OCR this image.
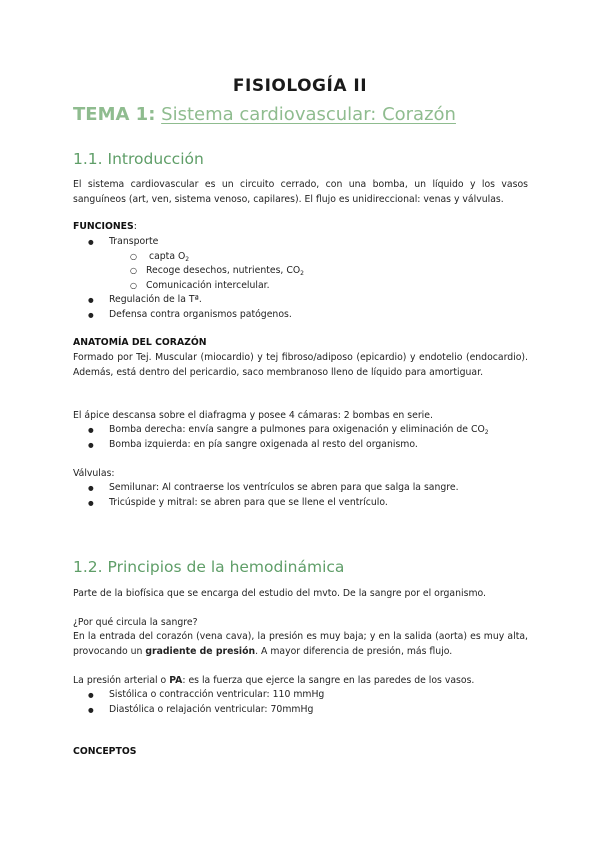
FISIOLOGÍA II
TEMA 1: Sistema cardiovascular: Corazón
1.1. Introducción
El sistema cardiovascular es un circuito cerrado, con una bomba, un líquido y los vasos sanguíneos (art, ven, sistema venoso, capilares). El flujo es unidireccional: venas y válvulas.
FUNCIONES:
● Transporte
○ capta $O_2$
○ Recoge desechos, nutrientes, $CO_2$
○ Comunicación intercelular.
● Regulación de la Tª.
● Defensa contra organismos patógenos.
ANATOMÍA DEL CORAZÓN
Formado por Tej. Muscular (miocardio) y tej fibroso/adiposo (epicardio) y endotelio (endocardio). Además, está dentro del pericardio, saco membranoso lleno de líquido para amortiguar.
El ápice descansa sobre el diafragma y posee 4 cámaras: 2 bombas en serie.
● Bomba derecha: envía sangre a pulmones para oxigenación y eliminación de $CO_2$
● Bomba izquierda: en pía sangre oxigenada al resto del organismo.
Válvulas:
● Semilunar: Al contraerse los ventrículos se abren para que salga la sangre.
● Tricúspide y mitral: se abren para que se llene el ventrículo.
1.2. Principios de la hemodinámica
Parte de la biofísica que se encarga del estudio del mvto. De la sangre por el organismo.
¿Por qué circula la sangre?
En la entrada del corazón (vena cava), la presión es muy baja; y en la salida (aorta) es muy alta, provocando un gradiente de presión. A mayor diferencia de presión, más flujo.
La presión arterial o PA: es la fuerza que ejerce la sangre en las paredes de los vasos.
● Sistólica o contracción ventricular: 110 mmHg
● Diastólica o relajación ventricular: 70mmHg
CONCEPTOS
